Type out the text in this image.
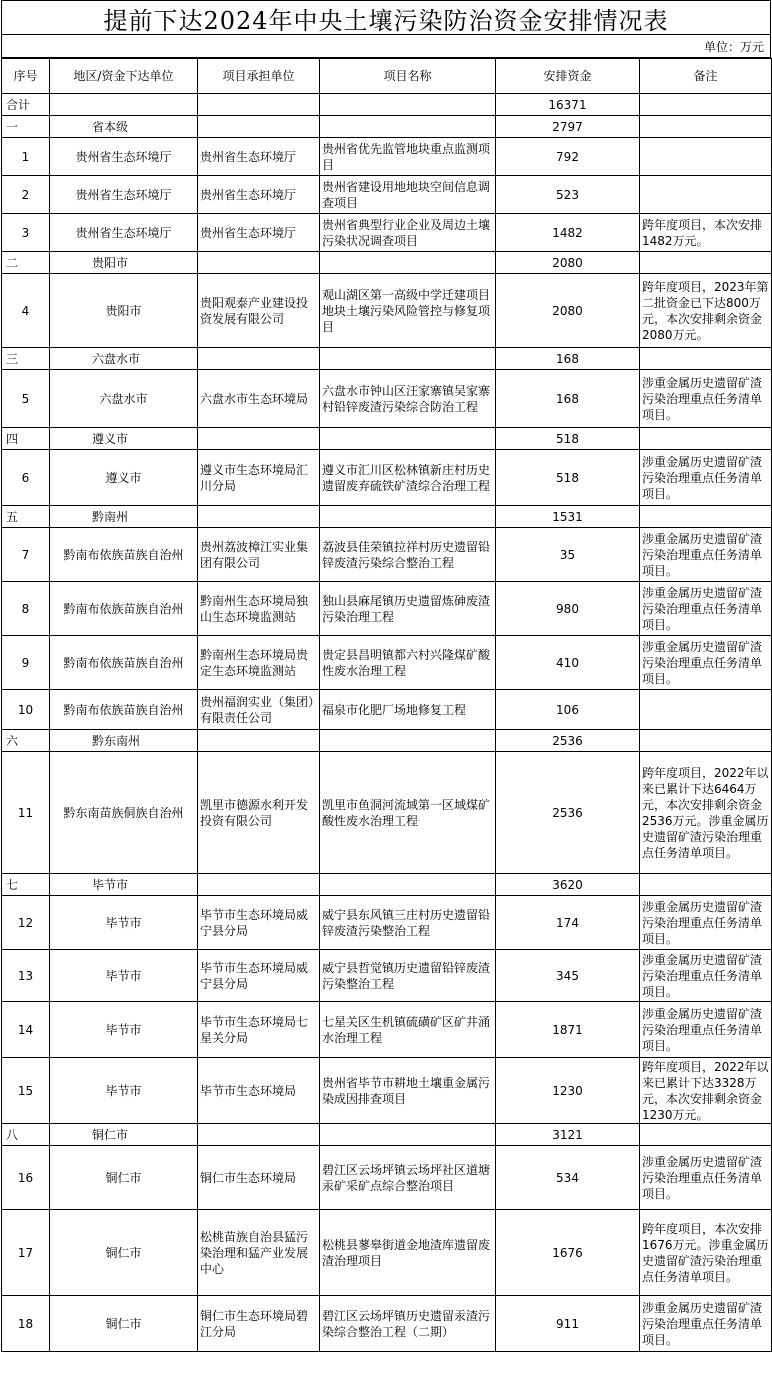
提前下达2024年中央土壤污染防治资金安排情况表
单位：万元
序号	地区/资金下达单位	项目承担单位	项目名称	安排资金	备注
合计				16371	
一	省本级			2797	
1	贵州省生态环境厅	贵州省生态环境厅	贵州省优先监管地块重点监测项目	792	
2	贵州省生态环境厅	贵州省生态环境厅	贵州省建设用地地块空间信息调查项目	523	
3	贵州省生态环境厅	贵州省生态环境厅	贵州省典型行业企业及周边土壤污染状况调查项目	1482	跨年度项目，本次安排1482万元。
二	贵阳市			2080	
4	贵阳市	贵阳观泰产业建设投资发展有限公司	观山湖区第一高级中学迁建项目地块土壤污染风险管控与修复项目	2080	跨年度项目，2023年第二批资金已下达800万元，本次安排剩余资金2080万元。
三	六盘水市			168	
5	六盘水市	六盘水市生态环境局	六盘水市钟山区汪家寨镇吴家寨村铅锌废渣污染综合防治工程	168	涉重金属历史遗留矿渣污染治理重点任务清单项目。
四	遵义市			518	
6	遵义市	遵义市生态环境局汇川分局	遵义市汇川区松林镇新庄村历史遗留废弃硫铁矿渣综合治理工程	518	涉重金属历史遗留矿渣污染治理重点任务清单项目。
五	黔南州			1531	
7	黔南布依族苗族自治州	贵州荔波樟江实业集团有限公司	荔波县佳荣镇拉祥村历史遗留铅锌废渣污染综合整治工程	35	涉重金属历史遗留矿渣污染治理重点任务清单项目。
8	黔南布依族苗族自治州	黔南州生态环境局独山生态环境监测站	独山县麻尾镇历史遗留炼砷废渣污染治理工程	980	涉重金属历史遗留矿渣污染治理重点任务清单项目。
9	黔南布依族苗族自治州	黔南州生态环境局贵定生态环境监测站	贵定县昌明镇都六村兴隆煤矿酸性废水治理工程	410	涉重金属历史遗留矿渣污染治理重点任务清单项目。
10	黔南布依族苗族自治州	贵州福润实业（集团）有限责任公司	福泉市化肥厂场地修复工程	106	
六	黔东南州			2536	
11	黔东南苗族侗族自治州	凯里市德源水利开发投资有限公司	凯里市鱼洞河流域第一区域煤矿酸性废水治理工程	2536	跨年度项目，2022年以来已累计下达6464万元，本次安排剩余资金2536万元。涉重金属历史遗留矿渣污染治理重点任务清单项目。
七	毕节市			3620	
12	毕节市	毕节市生态环境局威宁县分局	威宁县东风镇三庄村历史遗留铅锌废渣污染整治工程	174	涉重金属历史遗留矿渣污染治理重点任务清单项目。
13	毕节市	毕节市生态环境局威宁县分局	威宁县哲觉镇历史遗留铅锌废渣污染整治工程	345	涉重金属历史遗留矿渣污染治理重点任务清单项目。
14	毕节市	毕节市生态环境局七星关分局	七星关区生机镇硫磺矿区矿井涌水治理工程	1871	涉重金属历史遗留矿渣污染治理重点任务清单项目。
15	毕节市	毕节市生态环境局	贵州省毕节市耕地土壤重金属污染成因排查项目	1230	跨年度项目，2022年以来已累计下达3328万元，本次安排剩余资金1230万元。
八	铜仁市			3121	
16	铜仁市	铜仁市生态环境局	碧江区云场坪镇云场坪社区道塘汞矿采矿点综合整治项目	534	涉重金属历史遗留矿渣污染治理重点任务清单项目。
17	铜仁市	松桃苗族自治县猛污染治理和猛产业发展中心	松桃县蓼皋街道金地渣库遗留废渣治理项目	1676	跨年度项目，本次安排1676万元。涉重金属历史遗留矿渣污染治理重点任务清单项目。
18	铜仁市	铜仁市生态环境局碧江分局	碧江区云场坪镇历史遗留汞渣污染综合整治工程（二期）	911	涉重金属历史遗留矿渣污染治理重点任务清单项目。
